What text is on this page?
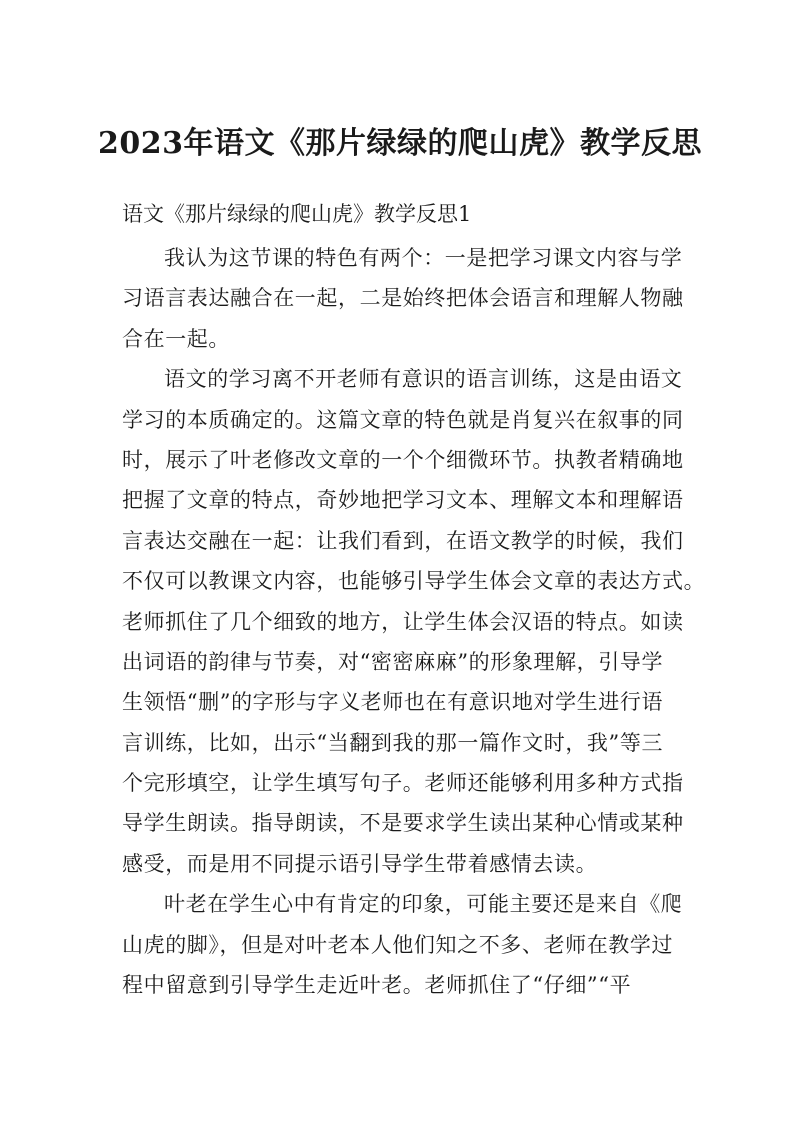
2023年语文《那片绿绿的爬山虎》教学反思
语文《那片绿绿的爬山虎》教学反思1
我认为这节课的特色有两个：一是把学习课文内容与学
习语言表达融合在一起，二是始终把体会语言和理解人物融
合在一起。
语文的学习离不开老师有意识的语言训练，这是由语文
学习的本质确定的。这篇文章的特色就是肖复兴在叙事的同
时，展示了叶老修改文章的一个个细微环节。执教者精确地
把握了文章的特点，奇妙地把学习文本、理解文本和理解语
言表达交融在一起：让我们看到，在语文教学的时候，我们
不仅可以教课文内容，也能够引导学生体会文章的表达方式。
老师抓住了几个细致的地方，让学生体会汉语的特点。如读
出词语的韵律与节奏，对“密密麻麻”的形象理解，引导学
生领悟“删”的字形与字义老师也在有意识地对学生进行语
言训练，比如，出示“当翻到我的那一篇作文时，我”等三
个完形填空，让学生填写句子。老师还能够利用多种方式指
导学生朗读。指导朗读，不是要求学生读出某种心情或某种
感受，而是用不同提示语引导学生带着感情去读。
叶老在学生心中有肯定的印象，可能主要还是来自《爬
山虎的脚》，但是对叶老本人他们知之不多、老师在教学过
程中留意到引导学生走近叶老。老师抓住了“仔细”“平
